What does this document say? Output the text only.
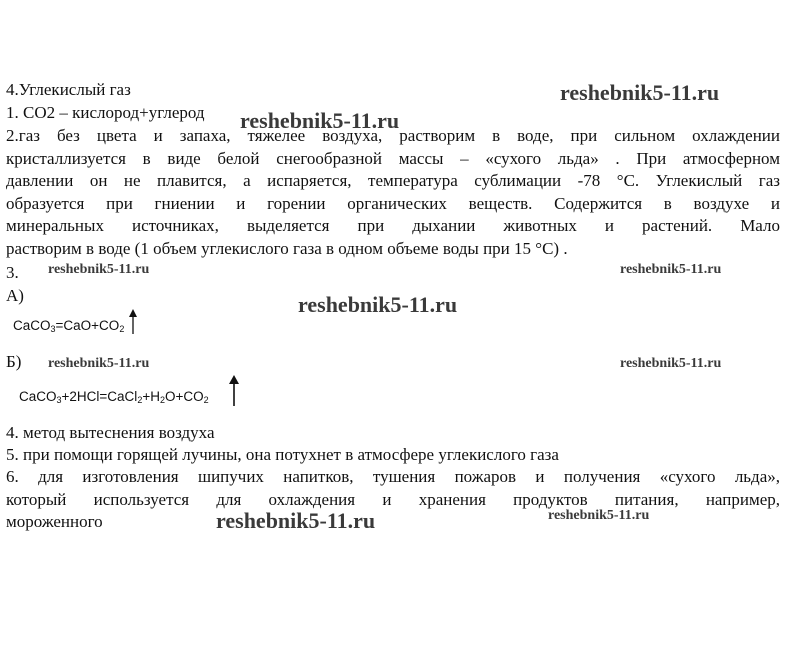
reshebnik5-11.ru
reshebnik5-11.ru
reshebnik5-11.ru	reshebnik5-11.ru
reshebnik5-11.ru
reshebnik5-11.ru	reshebnik5-11.ru
reshebnik5-11.ru	reshebnik5-11.ru
4.Углекислый газ
1. СО2 – кислород+углерод
2.газ без цвета и запаха, тяжелее воздуха, растворим в воде, при сильном охлаждении
кристаллизуется в виде белой снегообразной массы – «сухого льда» . При атмосферном
давлении он не плавится, а испаряется, температура сублимации -78 °С. Углекислый газ
образуется при гниении и горении органических веществ. Содержится в воздухе и
минеральных источниках, выделяется при дыхании животных и растений. Мало
растворим в воде (1 объем углекислого газа в одном объеме воды при 15 °С) .
3.
А)
$CaCO_3=CaO+CO_2$
Б)
$CaCO_3+2HCl=CaCl_2+H_2O+CO_2$
4. метод вытеснения воздуха
5. при помощи горящей лучины, она потухнет в атмосфере углекислого газа
6. для изготовления шипучих напитков, тушения пожаров и получения «сухого льда»,
который используется для охлаждения и хранения продуктов питания, например,
мороженного
